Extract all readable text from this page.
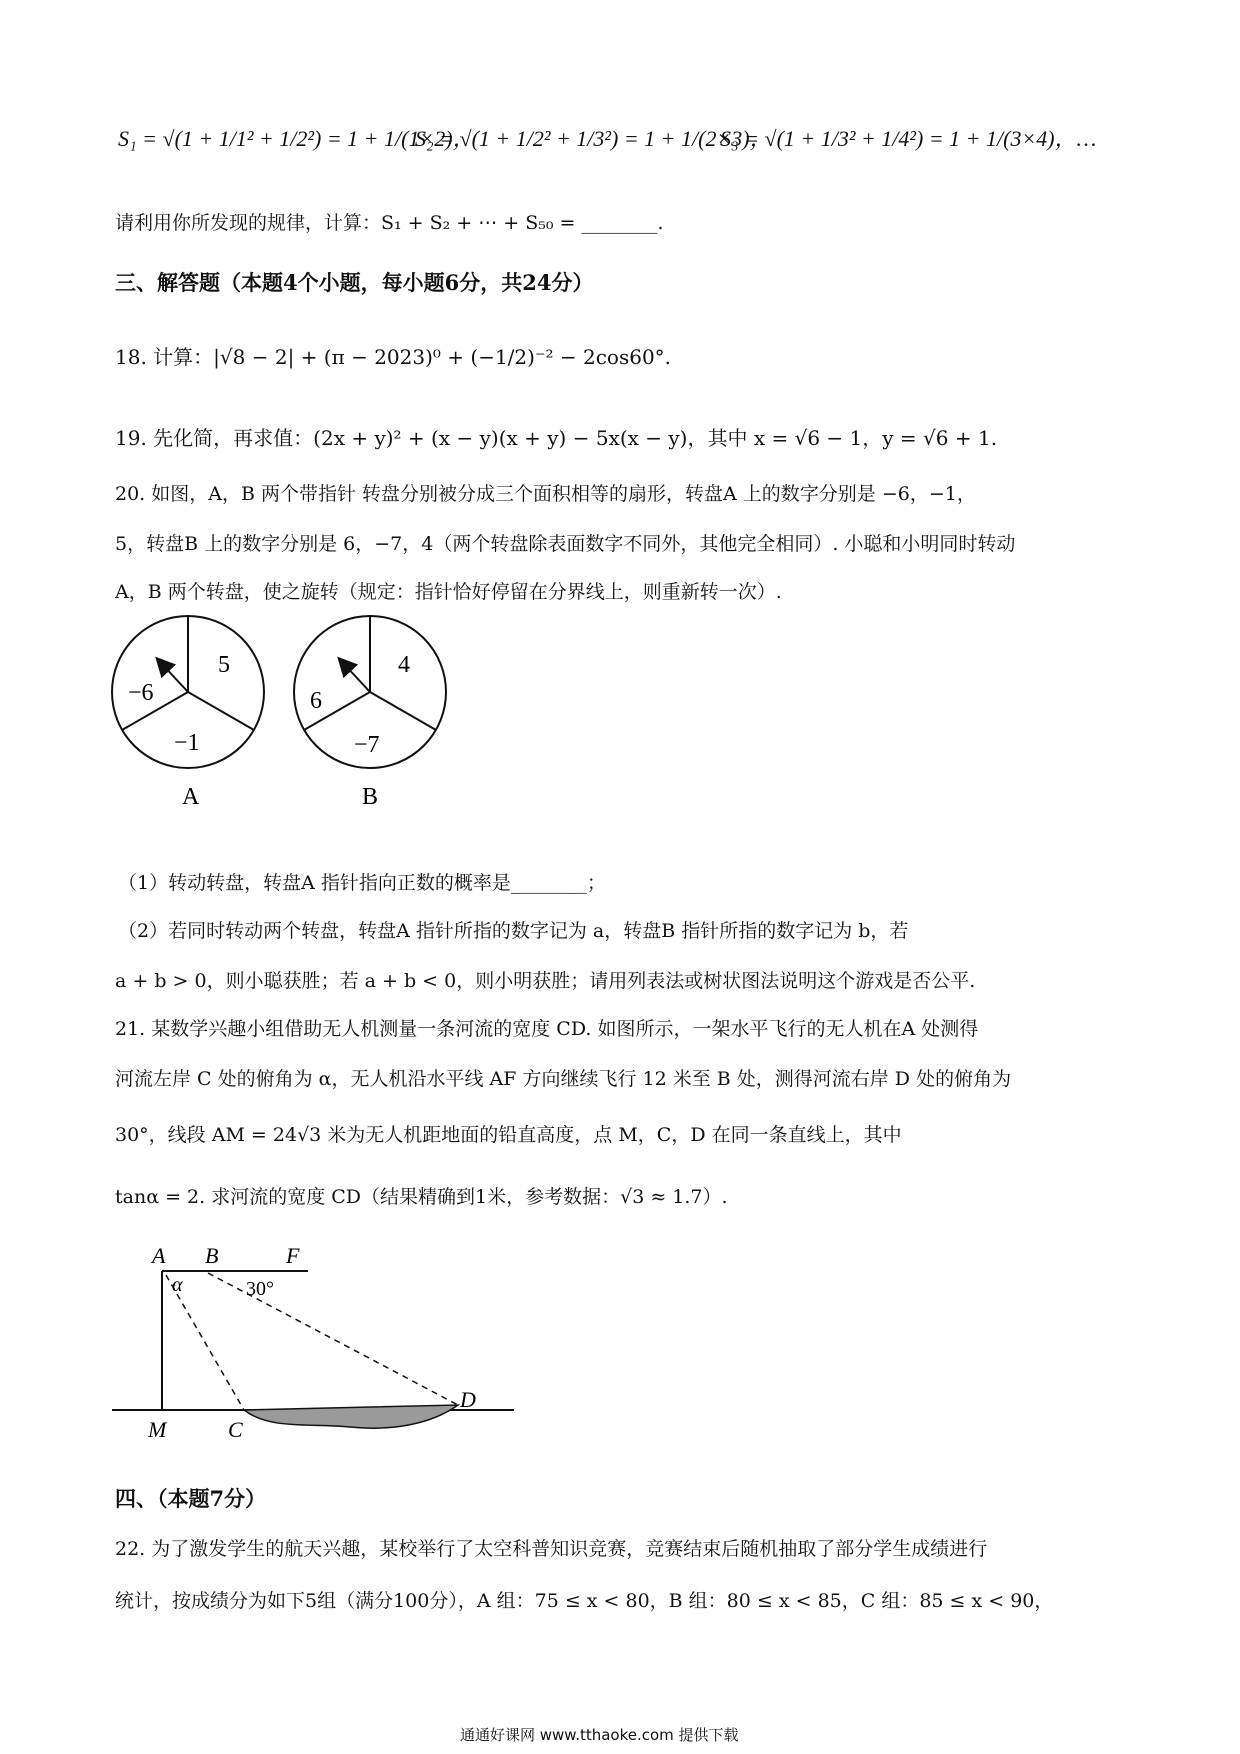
S₁ = √(1 + 1/1² + 1/2²) = 1 + 1/(1×2)，
S₂ = √(1 + 1/2² + 1/3²) = 1 + 1/(2×3)，
S₃ = √(1 + 1/3² + 1/4²) = 1 + 1/(3×4)，…
请利用你所发现的规律，计算：S₁ + S₂ + ⋯ + S₅₀ = ________.
三、解答题（本题4个小题，每小题6分，共24分）
18. 计算：|√8 − 2| + (π − 2023)⁰ + (−1/2)⁻² − 2cos60°.
19. 先化简，再求值：(2x + y)² + (x − y)(x + y) − 5x(x − y)，其中 x = √6 − 1，y = √6 + 1.
20. 如图，A，B 两个带指针 转盘分别被分成三个面积相等的扇形，转盘A 上的数字分别是 −6，−1，
5，转盘B 上的数字分别是 6，−7，4（两个转盘除表面数字不同外，其他完全相同）. 小聪和小明同时转动
A，B 两个转盘，使之旋转（规定：指针恰好停留在分界线上，则重新转一次）.
−6
5
−1
A
6
4
−7
B
（1）转动转盘，转盘A 指针指向正数的概率是________；
（2）若同时转动两个转盘，转盘A 指针所指的数字记为 a，转盘B 指针所指的数字记为 b，若
a + b > 0，则小聪获胜；若 a + b < 0，则小明获胜；请用列表法或树状图法说明这个游戏是否公平.
21. 某数学兴趣小组借助无人机测量一条河流的宽度 CD. 如图所示，一架水平飞行的无人机在A 处测得
河流左岸 C 处的俯角为 α，无人机沿水平线 AF 方向继续飞行 12 米至 B 处，测得河流右岸 D 处的俯角为
30°，线段 AM = 24√3 米为无人机距地面的铅直高度，点 M，C，D 在同一条直线上，其中
tanα = 2. 求河流的宽度 CD（结果精确到1米，参考数据：√3 ≈ 1.7）.
A B	F
α	30°
M	C
D
四、（本题7分）
22. 为了激发学生的航天兴趣，某校举行了太空科普知识竞赛，竞赛结束后随机抽取了部分学生成绩进行
统计，按成绩分为如下5组（满分100分），A 组：75 ≤ x < 80，B 组：80 ≤ x < 85，C 组：85 ≤ x < 90，
通通好课网 www.tthaoke.com 提供下载
